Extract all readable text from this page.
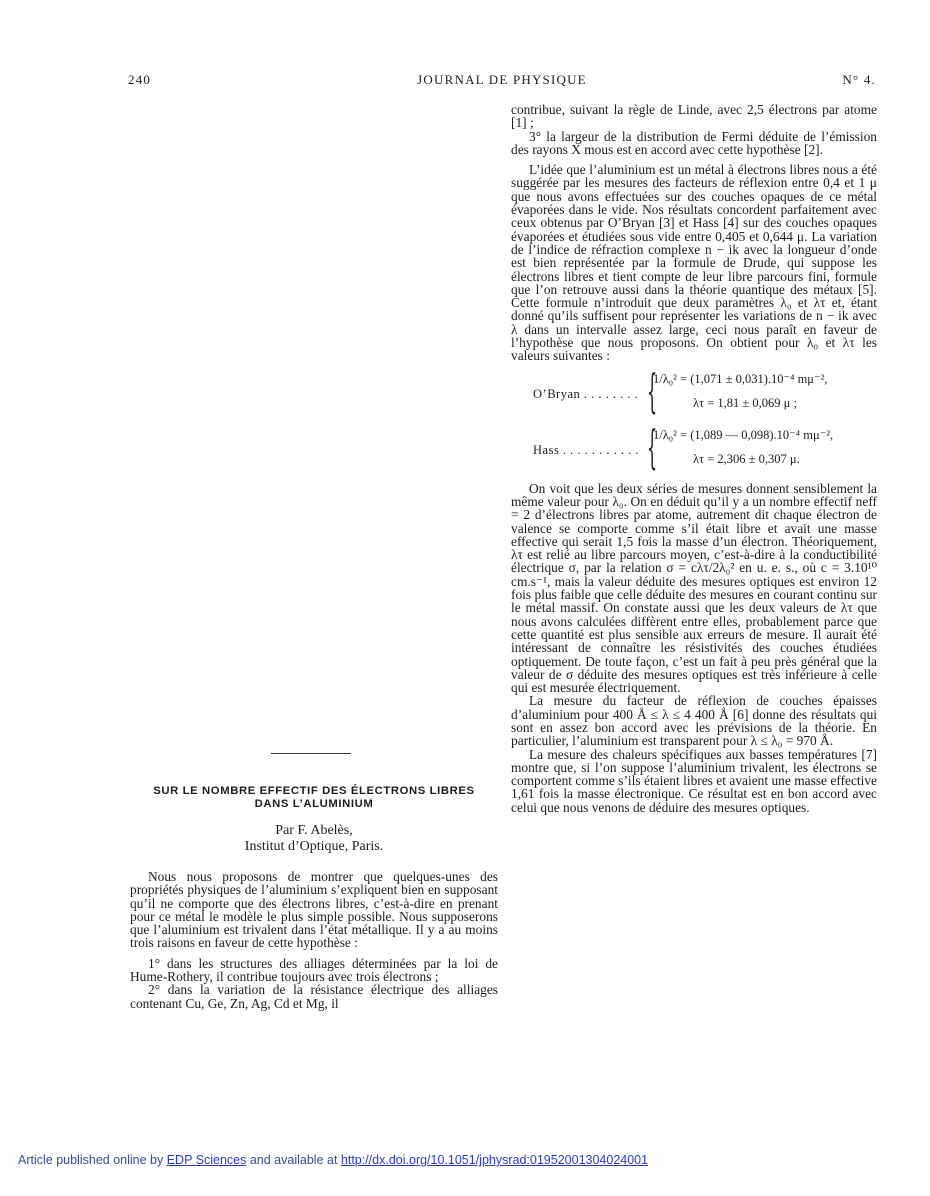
240	JOURNAL DE PHYSIQUE	N° 4.

contribue, suivant la règle de Linde, avec 2,5 électrons par atome [1] ;

3° la largeur de la distribution de Fermi déduite de l’émission des rayons X mous est en accord avec cette hypothèse [2].

L’idée que l’aluminium est un métal à électrons libres nous a été suggérée par les mesures des facteurs de réflexion entre 0,4 et 1 μ que nous avons effectuées sur des couches opaques de ce métal évaporées dans le vide. Nos résultats concordent parfaitement avec ceux obtenus par O’Bryan [3] et Hass [4] sur des couches opaques évaporées et étudiées sous vide entre 0,405 et 0,644 μ. La variation de l’indice de réfraction complexe n − ik avec la longueur d’onde est bien représentée par la formule de Drude, qui suppose les électrons libres et tient compte de leur libre parcours fini, formule que l’on retrouve aussi dans la théorie quantique des métaux [5]. Cette formule n’introduit que deux paramètres λ₀ et λτ et, étant donné qu’ils suffisent pour représenter les variations de n − ik avec λ dans un intervalle assez large, ceci nous paraît en faveur de l’hypothèse que nous proposons. On obtient pour λ₀ et λτ les valeurs suivantes :

O’Bryan . . . . . . . . {
1/λ₀² = (1,071 ± 0,031).10⁻⁴ mμ⁻²,
λτ = 1,81 ± 0,069 μ ;
Hass . . . . . . . . . . . {
1/λ₀² = (1,089 — 0,098).10⁻⁴ mμ⁻²,
λτ = 2,306 ± 0,307 μ.

On voit que les deux séries de mesures donnent sensiblement la même valeur pour λ₀. On en déduit qu’il y a un nombre effectif neff = 2 d’électrons libres par atome, autrement dit chaque électron de valence se comporte comme s’il était libre et avait une masse effective qui serait 1,5 fois la masse d’un électron. Théoriquement, λτ est relié au libre parcours moyen, c’est-à-dire à la conductibilité électrique σ, par la relation σ = cλτ/2λ₀² en u. e. s., où c = 3.10¹⁰ cm.s⁻¹, mais la valeur déduite des mesures optiques est environ 12 fois plus faible que celle déduite des mesures en courant continu sur le métal massif. On constate aussi que les deux valeurs de λτ que nous avons calculées diffèrent entre elles, probablement parce que cette quantité est plus sensible aux erreurs de mesure. Il aurait été intéressant de connaître les résistivités des couches étudiées optiquement. De toute façon, c’est un fait à peu près général que la valeur de σ déduite des mesures optiques est très inférieure à celle qui est mesurée électriquement.

La mesure du facteur de réflexion de couches épaisses d’aluminium pour 400 Å ≤ λ ≤ 4 400 Å [6] donne des résultats qui sont en assez bon accord avec les prévisions de la théorie. En particulier, l’aluminium est transparent pour λ ≤ λ₀ = 970 Å.

La mesure des chaleurs spécifiques aux basses températures [7] montre que, si l’on suppose l’aluminium trivalent, les électrons se comportent comme s’ils étaient libres et avaient une masse effective 1,61 fois la masse électronique. Ce résultat est en bon accord avec celui que nous venons de déduire des mesures optiques.

SUR LE NOMBRE EFFECTIF DES ÉLECTRONS LIBRES
DANS L’ALUMINIUM
Par F. Abelès,
Institut d’Optique, Paris.

Nous nous proposons de montrer que quelques-unes des propriétés physiques de l’aluminium s’expliquent bien en supposant qu’il ne comporte que des électrons libres, c’est-à-dire en prenant pour ce métal le modèle le plus simple possible. Nous supposerons que l’aluminium est trivalent dans l’état métallique. Il y a au moins trois raisons en faveur de cette hypothèse :

1° dans les structures des alliages déterminées par la loi de Hume-Rothery, il contribue toujours avec trois électrons ;

2° dans la variation de la résistance électrique des alliages contenant Cu, Ge, Zn, Ag, Cd et Mg, il

Article published online by EDP Sciences and available at http://dx.doi.org/10.1051/jphysrad:01952001304024001
